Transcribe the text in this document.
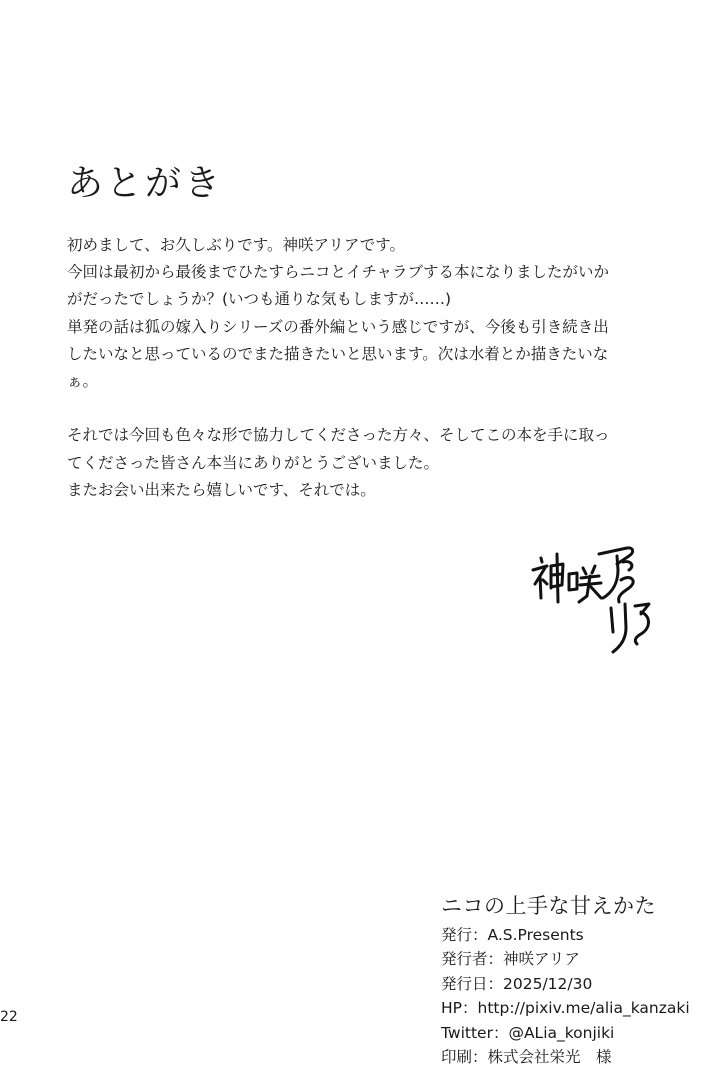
あとがき

初めまして、お久しぶりです。神咲アリアです。

今回は最初から最後までひたすらニコとイチャラブする本になりましたがいか

がだったでしょうか？(いつも通りな気もしますが……)

単発の話は狐の嫁入りシリーズの番外編という感じですが、今後も引き続き出

したいなと思っているのでまた描きたいと思います。次は水着とか描きたいな

ぁ。

それでは今回も色々な形で協力してくださった方々、そしてこの本を手に取っ

てくださった皆さん本当にありがとうございました。

またお会い出来たら嬉しいです、それでは。

ニコの上手な甘えかた

発行：A.S.Presents

発行者：神咲アリア

発行日：2025/12/30

HP：http://pixiv.me/alia_kanzaki

Twitter：@ALia_konjiki

印刷：株式会社栄光　様

22
